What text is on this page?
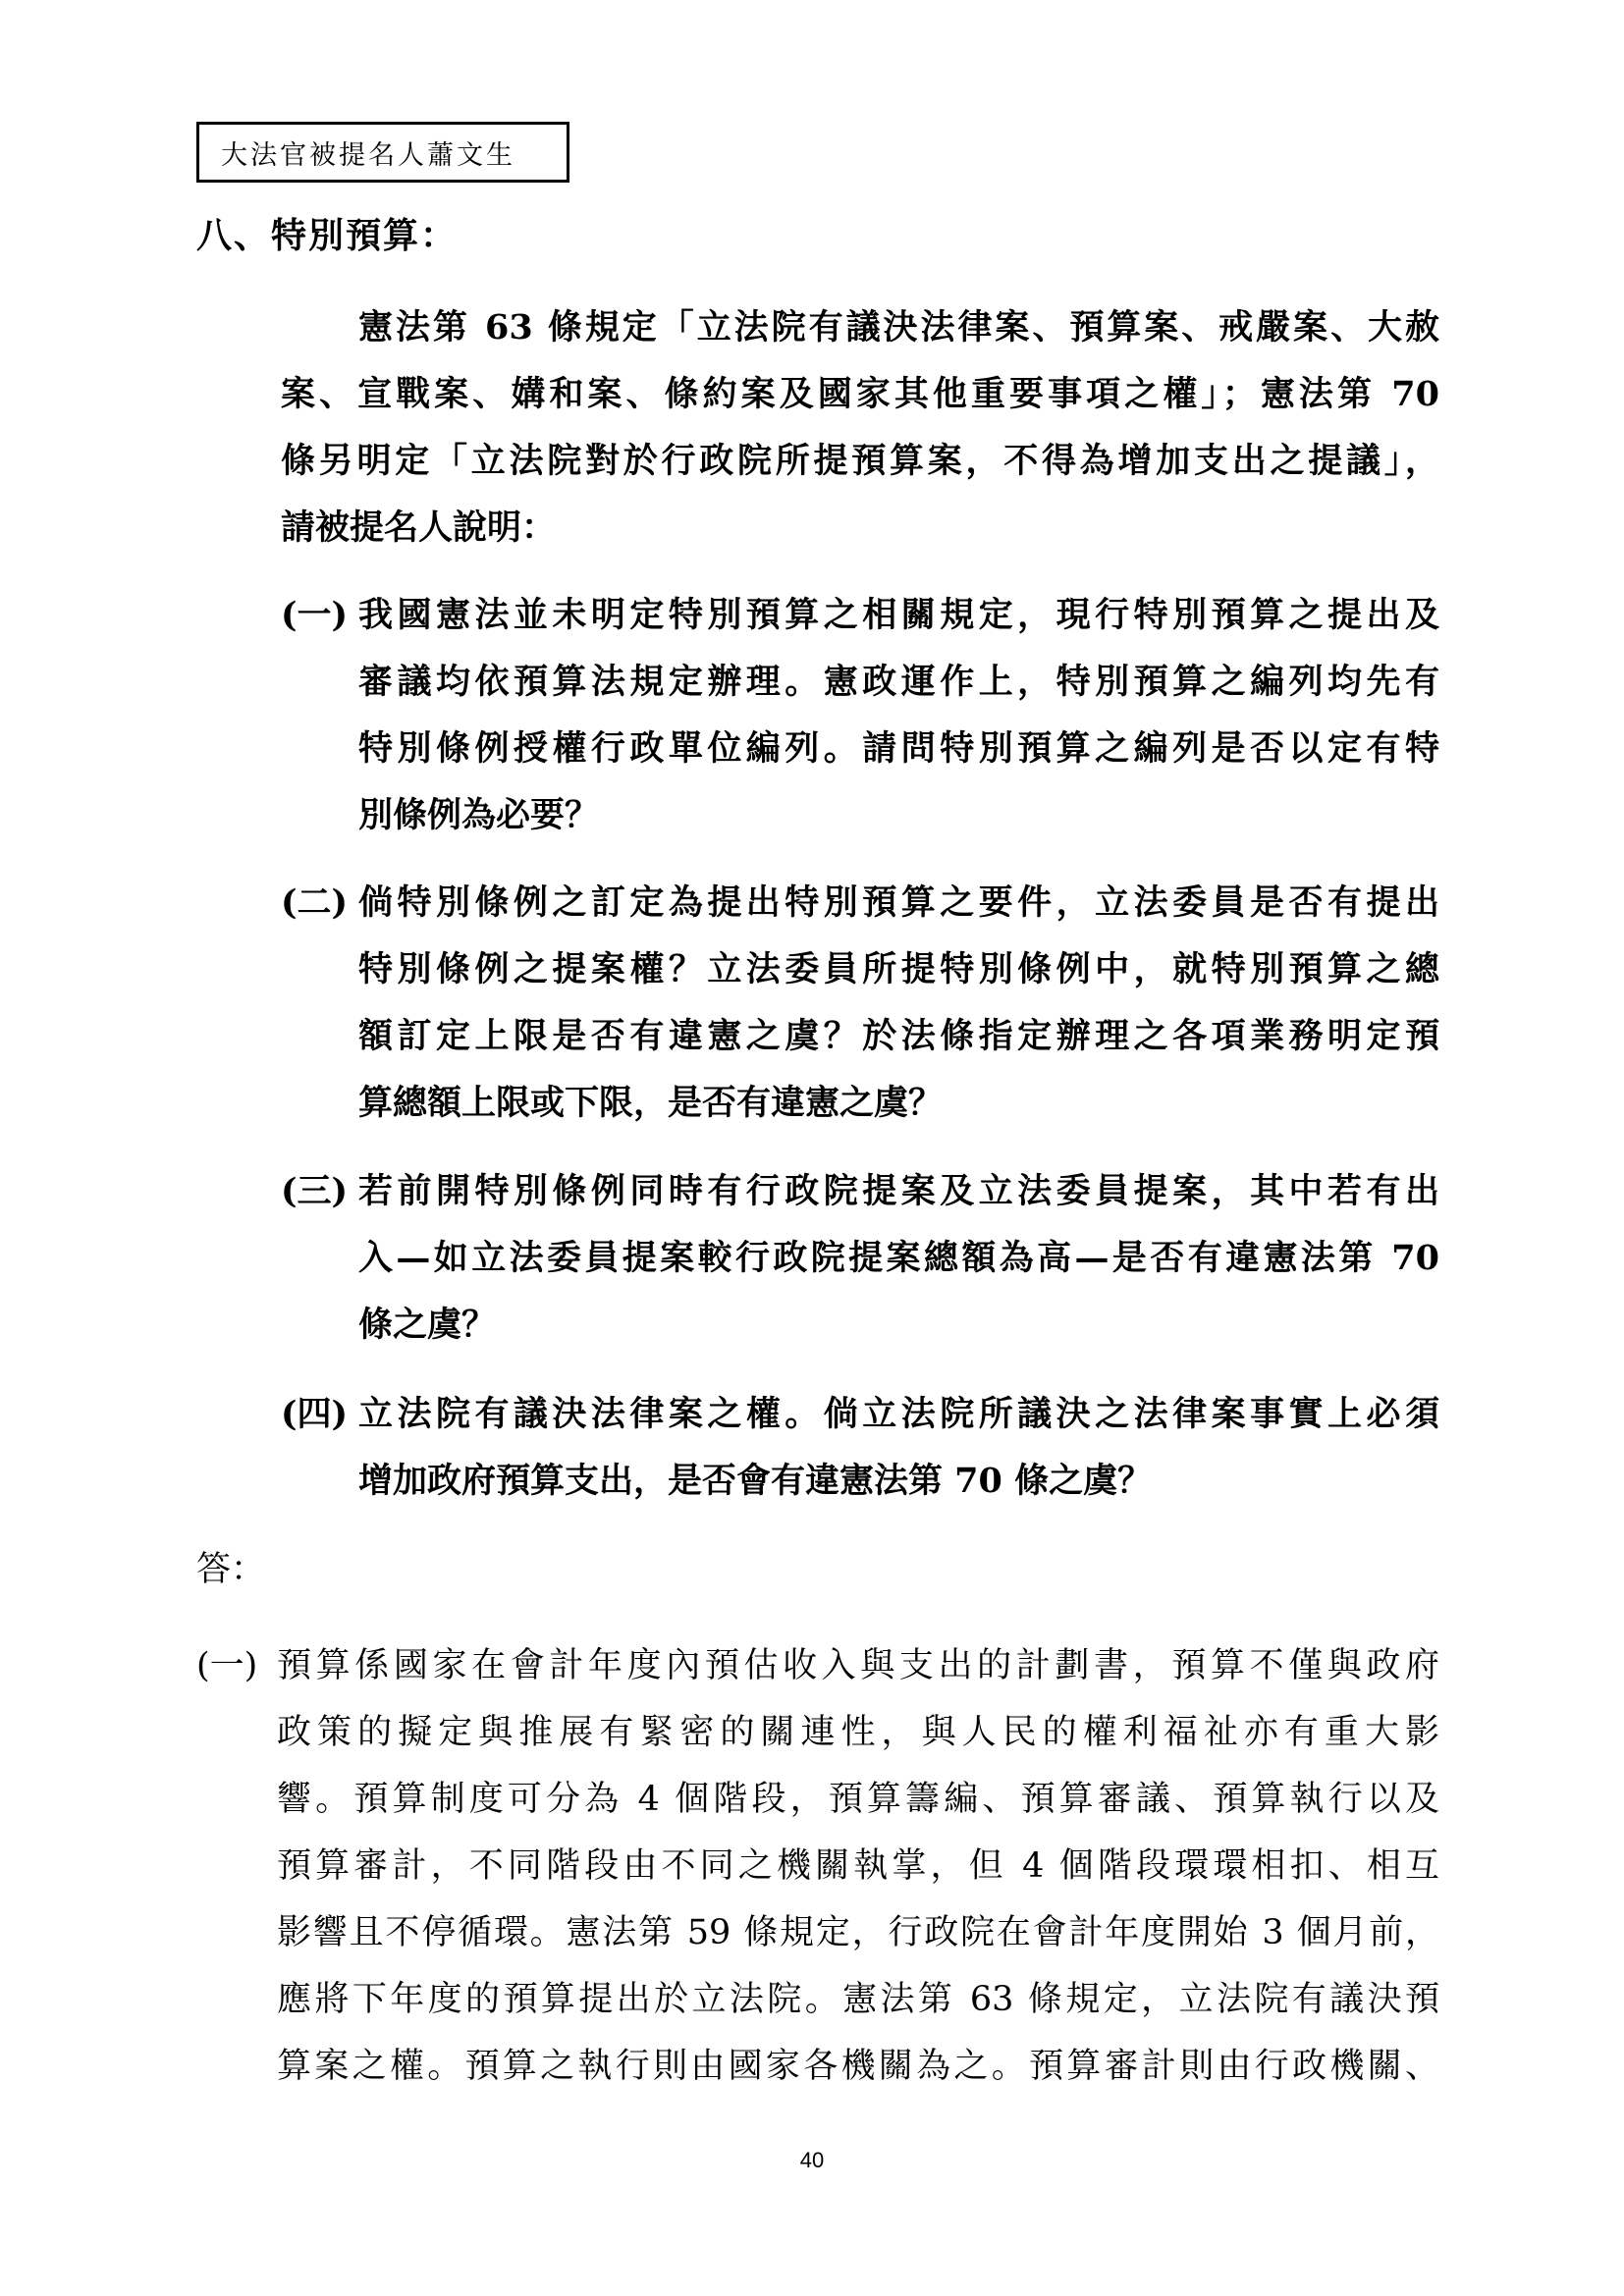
大法官被提名人蕭文生
八、特別預算：
憲法第 63 條規定「立法院有議決法律案、預算案、戒嚴案、大赦
案、宣戰案、媾和案、條約案及國家其他重要事項之權」；憲法第 70
條另明定「立法院對於行政院所提預算案，不得為增加支出之提議」，
請被提名人說明：
(一) 我國憲法並未明定特別預算之相關規定，現行特別預算之提出及
審議均依預算法規定辦理。憲政運作上，特別預算之編列均先有
特別條例授權行政單位編列。請問特別預算之編列是否以定有特
別條例為必要？
(二) 倘特別條例之訂定為提出特別預算之要件，立法委員是否有提出
特別條例之提案權？立法委員所提特別條例中，就特別預算之總
額訂定上限是否有違憲之虞？於法條指定辦理之各項業務明定預
算總額上限或下限，是否有違憲之虞？
(三) 若前開特別條例同時有行政院提案及立法委員提案，其中若有出
入—如立法委員提案較行政院提案總額為高—是否有違憲法第 70
條之虞？
(四) 立法院有議決法律案之權。倘立法院所議決之法律案事實上必須
增加政府預算支出，是否會有違憲法第 70 條之虞？
答：
(一) 預算係國家在會計年度內預估收入與支出的計劃書，預算不僅與政府
政策的擬定與推展有緊密的關連性，與人民的權利福祉亦有重大影
響。預算制度可分為 4 個階段，預算籌編、預算審議、預算執行以及
預算審計，不同階段由不同之機關執掌，但 4 個階段環環相扣、相互
影響且不停循環。憲法第 59 條規定，行政院在會計年度開始 3 個月前，
應將下年度的預算提出於立法院。憲法第 63 條規定，立法院有議決預
算案之權。預算之執行則由國家各機關為之。預算審計則由行政機關、
40
